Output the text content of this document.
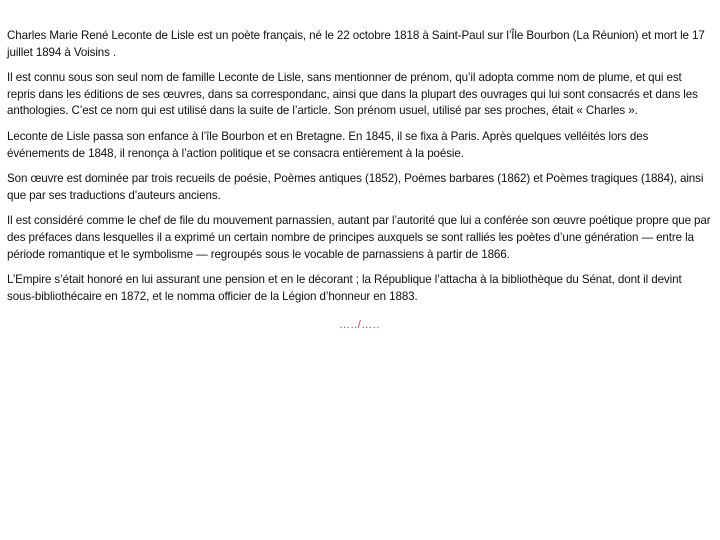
Charles Marie René Leconte de Lisle est un poète français, né le 22 octobre 1818 à Saint-Paul sur l’Île Bourbon (La Réunion) et mort le 17 juillet 1894 à Voisins .

Il est connu sous son seul nom de famille Leconte de Lisle, sans mentionner de prénom, qu’il adopta comme nom de plume, et qui est repris dans les éditions de ses œuvres, dans sa correspondanc, ainsi que dans la plupart des ouvrages qui lui sont consacrés et dans les anthologies. C’est ce nom qui est utilisé dans la suite de l’article. Son prénom usuel, utilisé par ses proches, était « Charles ».

Leconte de Lisle passa son enfance à l’île Bourbon et en Bretagne. En 1845, il se fixa à Paris. Après quelques velléités lors des événements de 1848, il renonça à l’action politique et se consacra entièrement à la poésie.

Son œuvre est dominée par trois recueils de poésie, Poèmes antiques (1852), Poèmes barbares (1862) et Poèmes tragiques (1884), ainsi que par ses traductions d’auteurs anciens.

Il est considéré comme le chef de file du mouvement parnassien, autant par l’autorité que lui a conférée son œuvre poétique propre que par des préfaces dans lesquelles il a exprimé un certain nombre de principes auxquels se sont ralliés les poètes d’une génération — entre la période romantique et le symbolisme — regroupés sous le vocable de parnassiens à partir de 1866.

L’Empire s’était honoré en lui assurant une pension et en le décorant ; la République l’attacha à la bibliothèque du Sénat, dont il devint sous-bibliothécaire en 1872, et le nomma officier de la Légion d’honneur en 1883.

…../…..
